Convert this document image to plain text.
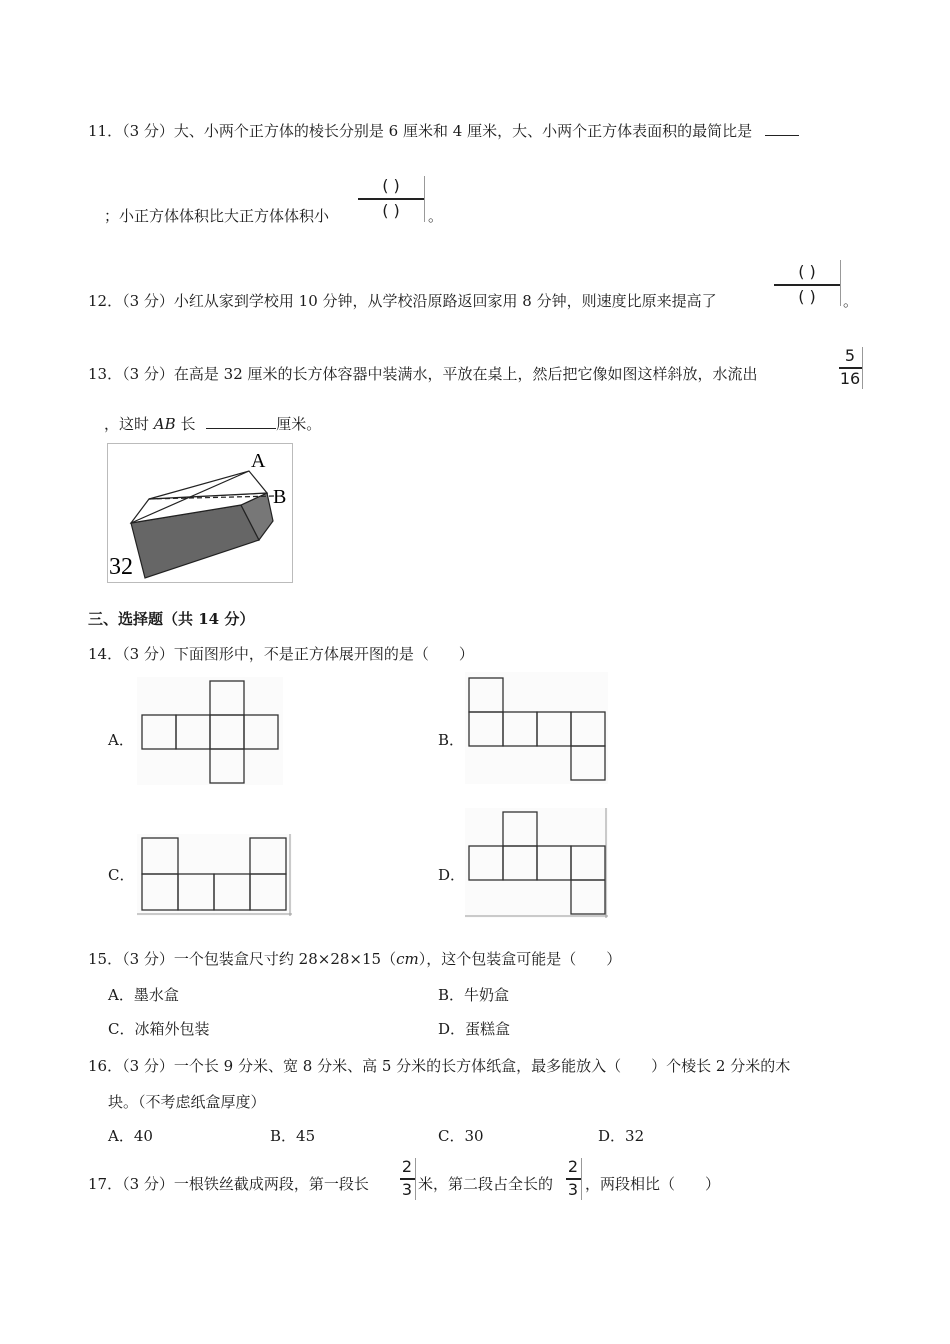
11．（3 分）大、小两个正方体的棱长分别是 6 厘米和 4 厘米，大、小两个正方体表面积的最简比是
；小正方体体积比大正方体体积小
( )
( )	。
12．（3 分）小红从家到学校用 10 分钟，从学校沿原路返回家用 8 分钟，则速度比原来提高了
( )
( )	。
13．（3 分）在高是 32 厘米的长方体容器中装满水，平放在桌上，然后把它像如图这样斜放，水流出
5
16
，这时 AB 长	厘米。
A
B
32
三、选择题（共 14 分）
14．（3 分）下面图形中，不是正方体展开图的是（　　）
A．	B．
C．	D．
15．（3 分）一个包装盒尺寸约 28×28×15（cm），这个包装盒可能是（　　）
A．墨水盒	B．牛奶盒
C．冰箱外包装	D．蛋糕盒
16．（3 分）一个长 9 分米、宽 8 分米、高 5 分米的长方体纸盒，最多能放入（　　）个棱长 2 分米的木
块。（不考虑纸盒厚度）
A．40	B．45	C．30	D．32
17．（3 分）一根铁丝截成两段，第一段长
2
3 米，第二段占全长的
2
3 ，两段相比（　　）
